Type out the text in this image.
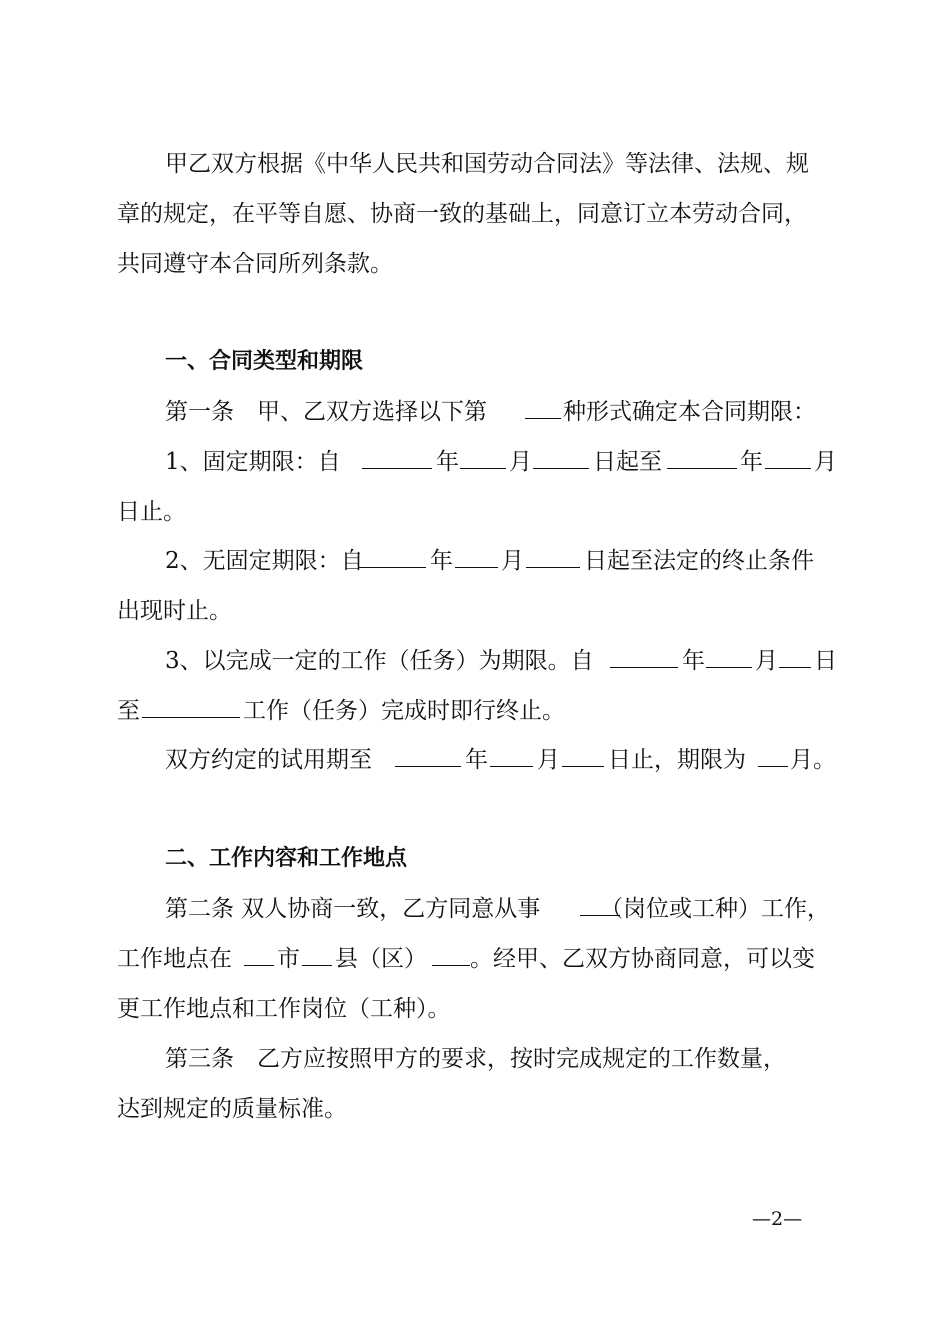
甲乙双方根据《中华人民共和国劳动合同法》等法律、法规、规
章的规定，在平等自愿、协商一致的基础上，同意订立本劳动合同，
共同遵守本合同所列条款。
一、合同类型和期限
第一条　甲、乙双方选择以下第	种形式确定本合同期限：
1、固定期限：自	年 月	日起至	年 月
日止。
2、无固定期限：自	年 月	日起至法定的终止条件
出现时止。
3、以完成一定的工作（任务）为期限。自	年 月 日
至	工作（任务）完成时即行终止。
双方约定的试用期至	年 月 日止，期限为 月。
二、工作内容和工作地点
第二条 双人协商一致，乙方同意从事	（岗位或工种）工作，
工作地点在 市 县（区） 。经甲、乙双方协商同意，可以变
更工作地点和工作岗位（工种）。
第三条　乙方应按照甲方的要求，按时完成规定的工作数量，
达到规定的质量标准。
—2—
